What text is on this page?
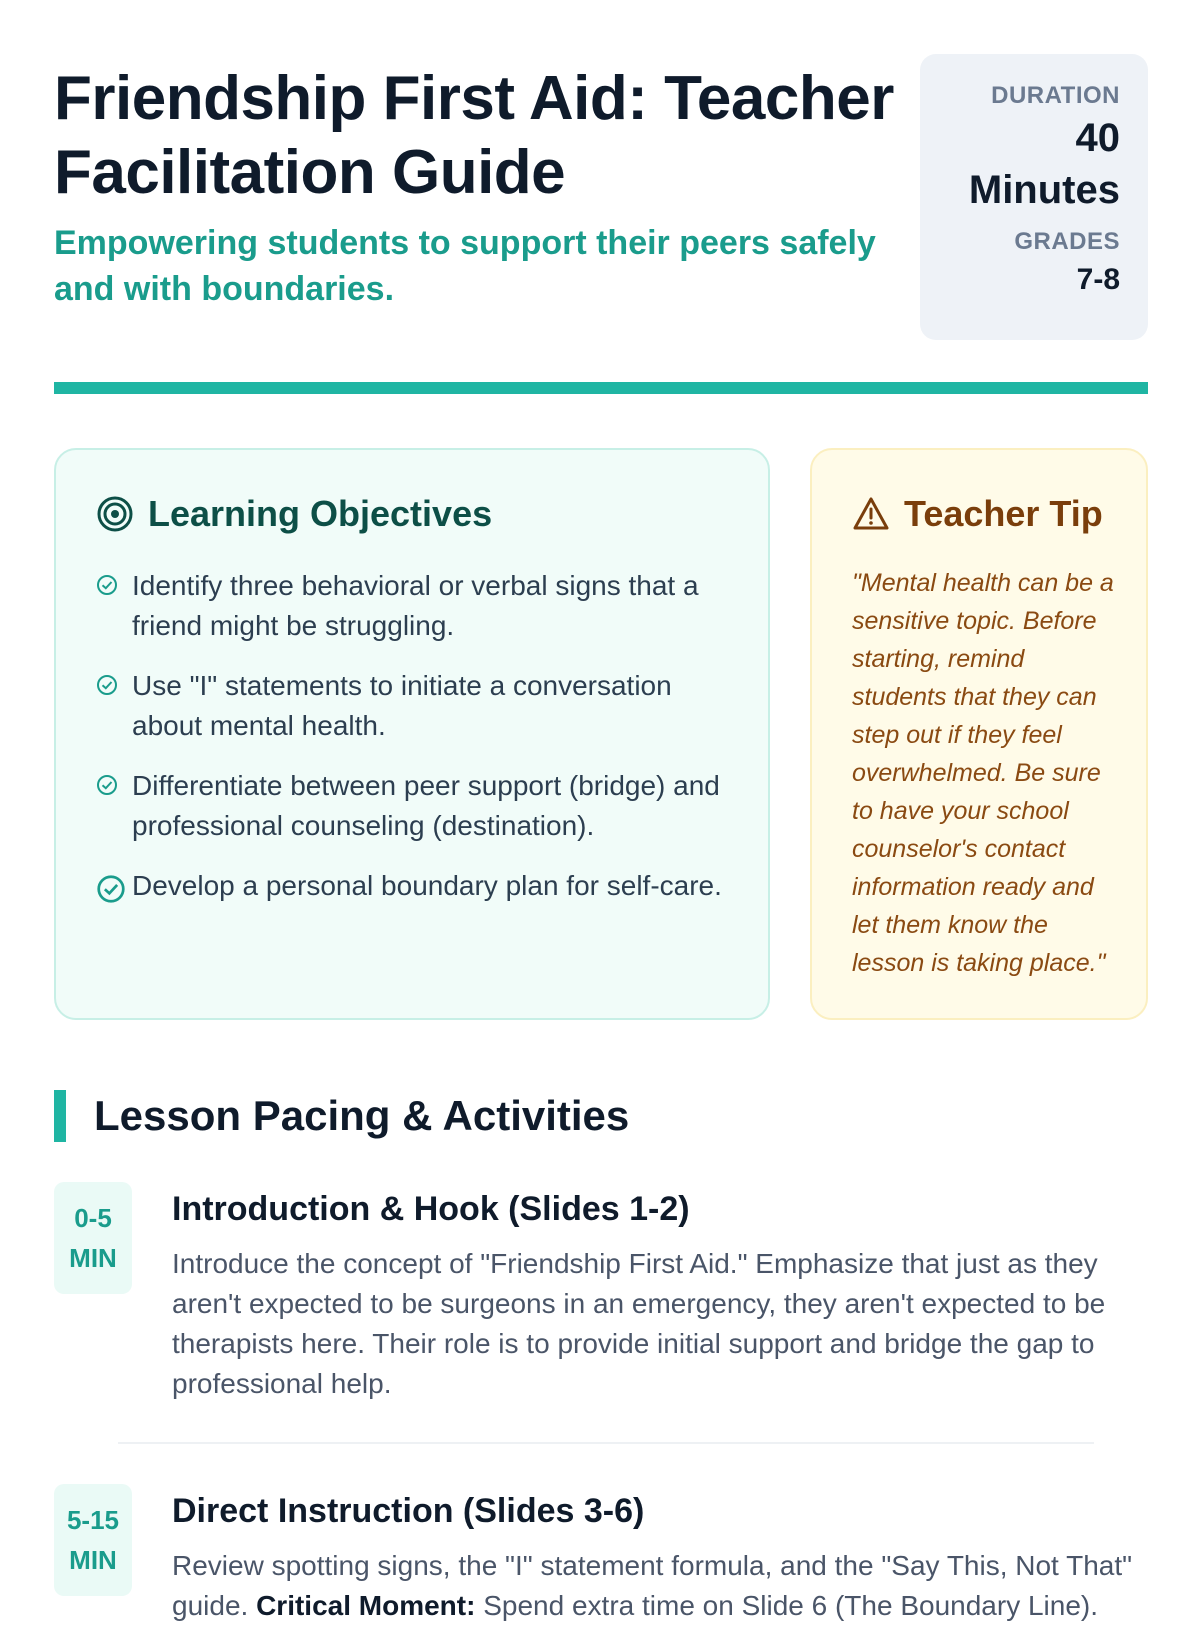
Friendship First Aid: Teacher Facilitation Guide

Empowering students to support their peers safely and with boundaries.

DURATION
40 Minutes
GRADES
7-8
Learning Objectives
Identify three behavioral or verbal signs that a friend might be struggling.
Use "I" statements to initiate a conversation about mental health.
Differentiate between peer support (bridge) and professional counseling (destination).
Develop a personal boundary plan for self-care.
Teacher Tip

"Mental health can be a sensitive topic. Before starting, remind students that they can step out if they feel overwhelmed. Be sure to have your school counselor's contact information ready and let them know the lesson is taking place."

Lesson Pacing & Activities
0-5 MIN
Introduction & Hook (Slides 1-2)

Introduce the concept of "Friendship First Aid." Emphasize that just as they aren't expected to be surgeons in an emergency, they aren't expected to be therapists here. Their role is to provide initial support and bridge the gap to professional help.

5-15 MIN
Direct Instruction (Slides 3-6)

Review spotting signs, the "I" statement formula, and the "Say This, Not That" guide. Critical Moment: Spend extra time on Slide 6 (The Boundary Line).
